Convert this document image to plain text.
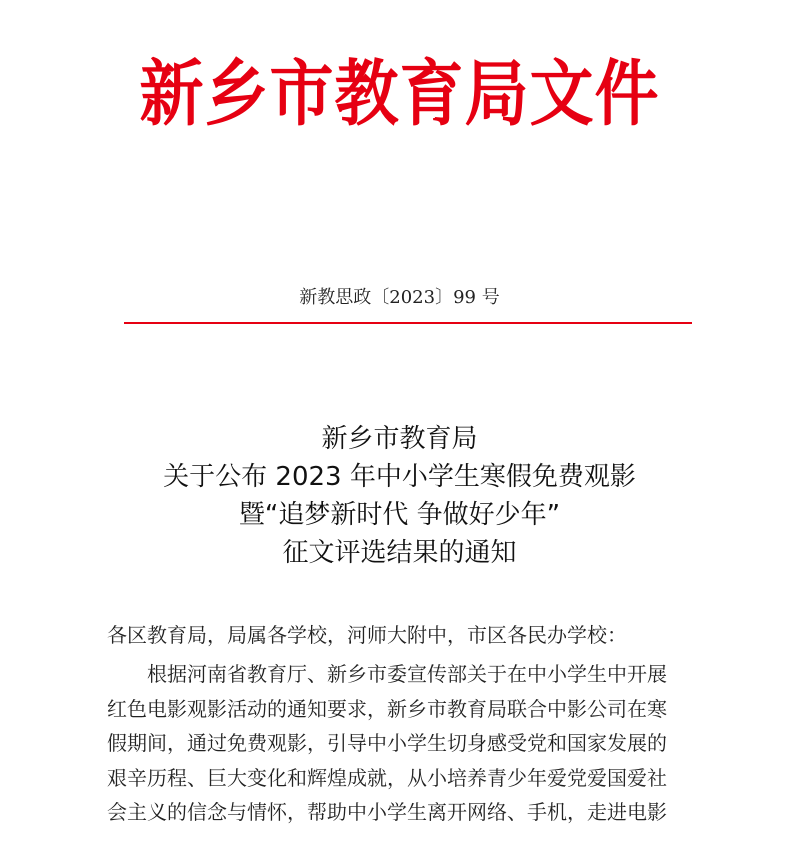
新乡市教育局文件
新教思政〔2023〕99 号
新乡市教育局
关于公布 2023 年中小学生寒假免费观影
暨“追梦新时代 争做好少年”
征文评选结果的通知
各区教育局，局属各学校，河师大附中，市区各民办学校：
根据河南省教育厅、新乡市委宣传部关于在中小学生中开展
红色电影观影活动的通知要求，新乡市教育局联合中影公司在寒
假期间，通过免费观影，引导中小学生切身感受党和国家发展的
艰辛历程、巨大变化和辉煌成就，从小培养青少年爱党爱国爱社
会主义的信念与情怀，帮助中小学生离开网络、手机，走进电影
